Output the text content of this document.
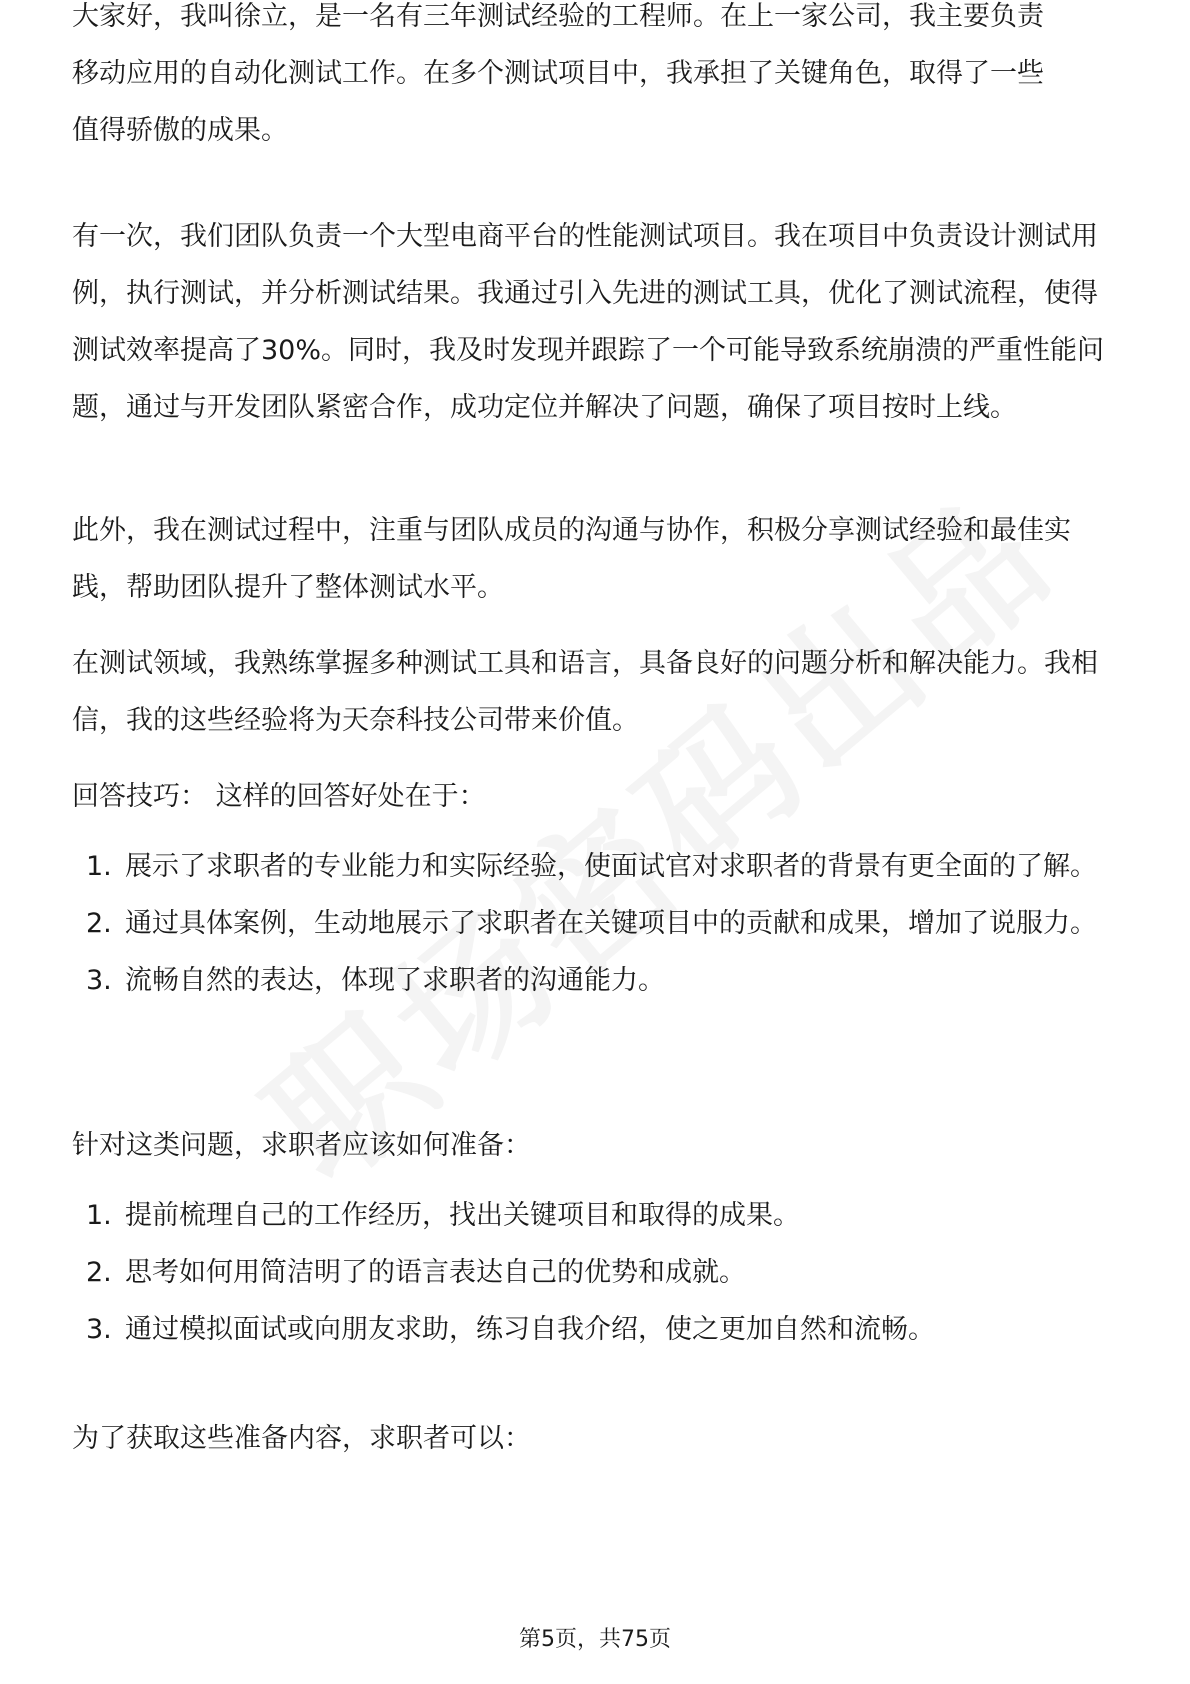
大家好，我叫徐立，是一名有三年测试经验的工程师。在上一家公司，我主要负责
移动应用的自动化测试工作。在多个测试项目中，我承担了关键角色，取得了一些
值得骄傲的成果。

有一次，我们团队负责一个大型电商平台的性能测试项目。我在项目中负责设计测试用例，执行测试，并分析测试结果。我通过引入先进的测试工具，优化了测试流程，使得测试效率提高了30%。同时，我及时发现并跟踪了一个可能导致系统崩溃的严重性能问题，通过与开发团队紧密合作，成功定位并解决了问题，确保了项目按时上线。

此外，我在测试过程中，注重与团队成员的沟通与协作，积极分享测试经验和最佳实践，帮助团队提升了整体测试水平。

在测试领域，我熟练掌握多种测试工具和语言，具备良好的问题分析和解决能力。我相信，我的这些经验将为天奈科技公司带来价值。

回答技巧： 这样的回答好处在于：

1. 展示了求职者的专业能力和实际经验，使面试官对求职者的背景有更全面的了解。
2. 通过具体案例，生动地展示了求职者在关键项目中的贡献和成果，增加了说服力。
3. 流畅自然的表达，体现了求职者的沟通能力。

针对这类问题，求职者应该如何准备：

1. 提前梳理自己的工作经历，找出关键项目和取得的成果。
2. 思考如何用简洁明了的语言表达自己的优势和成就。
3. 通过模拟面试或向朋友求助，练习自我介绍，使之更加自然和流畅。

为了获取这些准备内容，求职者可以：

第5页，共75页
